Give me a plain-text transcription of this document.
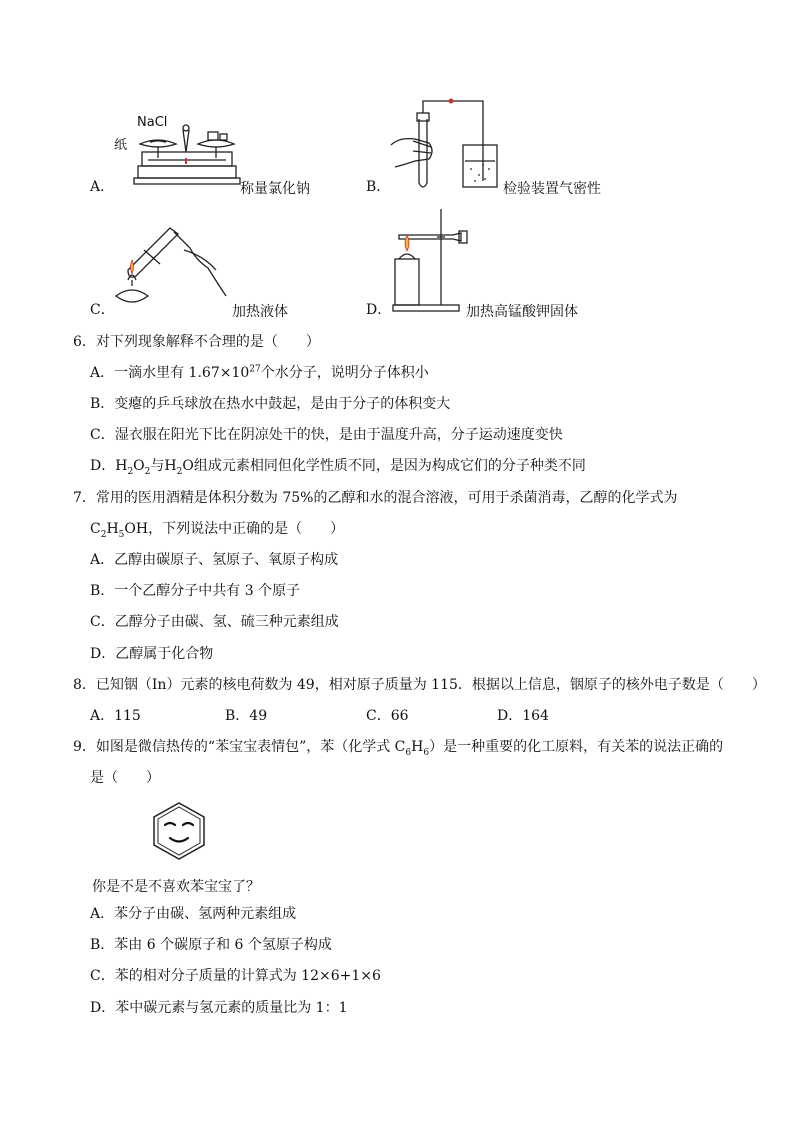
A．
NaCl
纸
称量氯化钠	B．	检验装置气密性
C．	加热液体	D．	加热高锰酸钾固体
6．对下列现象解释不合理的是（　　）
A．一滴水里有 $1.67\times 10^{27}$个水分子，说明分子体积小
B．变瘪的乒乓球放在热水中鼓起，是由于分子的体积变大
C．湿衣服在阳光下比在阴凉处干的快，是由于温度升高，分子运动速度变快
D．$H_2O_2$与$H_2O$组成元素相同但化学性质不同，是因为构成它们的分子种类不同
7．常用的医用酒精是体积分数为 75%的乙醇和水的混合溶液，可用于杀菌消毒，乙醇的化学式为
$C_2H_5OH$，下列说法中正确的是（　　）
A．乙醇由碳原子、氢原子、氧原子构成
B．一个乙醇分子中共有 3 个原子
C．乙醇分子由碳、氢、硫三种元素组成
D．乙醇属于化合物
8．已知铟（In）元素的核电荷数为 49，相对原子质量为 115．根据以上信息，铟原子的核外电子数是（　　）
A．115	B．49	C．66	D．164
9．如图是微信热传的“苯宝宝表情包”，苯（化学式 $C_6H_6$）是一种重要的化工原料，有关苯的说法正确的
是（　　）
你是不是不喜欢苯宝宝了？
A．苯分子由碳、氢两种元素组成
B．苯由 6 个碳原子和 6 个氢原子构成
C．苯的相对分子质量的计算式为 12×6+1×6
D．苯中碳元素与氢元素的质量比为 1：1
